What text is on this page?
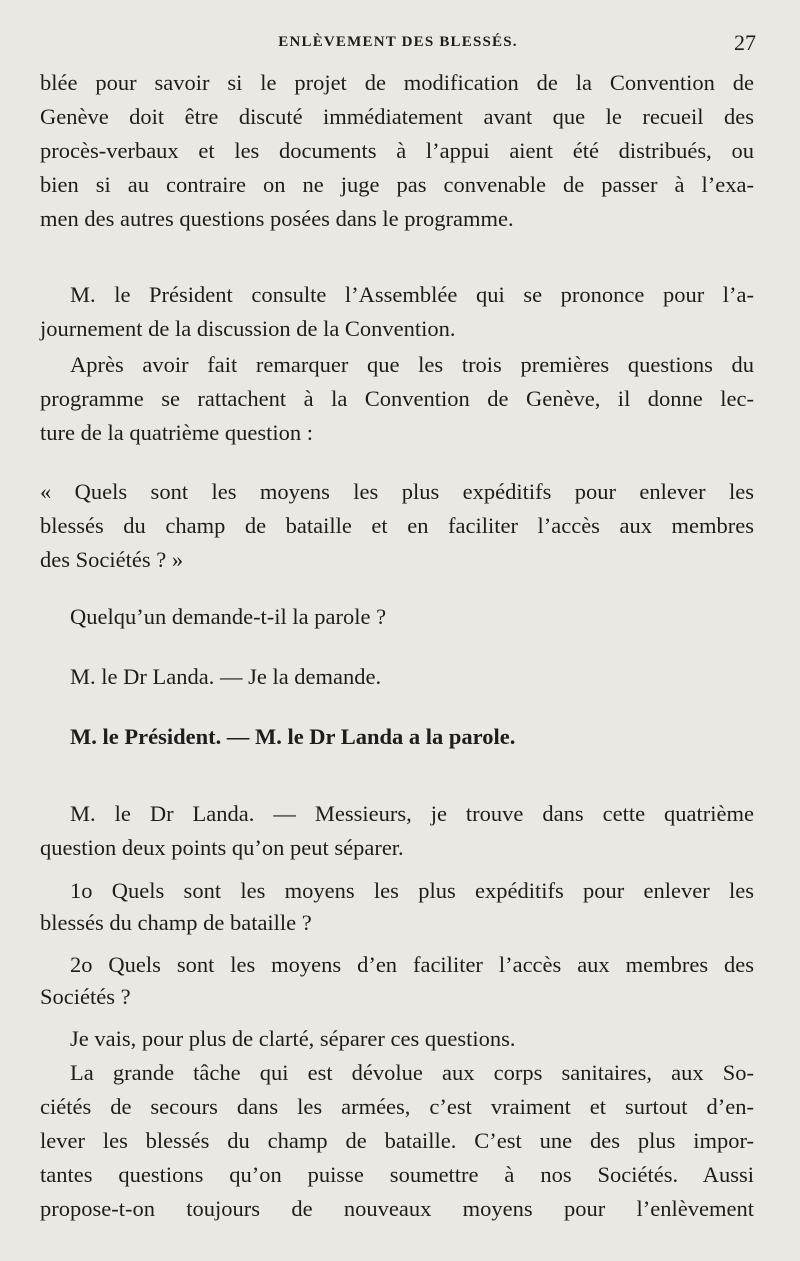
ENLÈVEMENT DES BLESSÉS.	27
blée pour savoir si le projet de modification de la Convention de
Genève doit être discuté immédiatement avant que le recueil des
procès-verbaux et les documents à l’appui aient été distribués, ou
bien si au contraire on ne juge pas convenable de passer à l’exa-
men des autres questions posées dans le programme.
M. le Président consulte l’Assemblée qui se prononce pour l’a-
journement de la discussion de la Convention.
Après avoir fait remarquer que les trois premières questions du
programme se rattachent à la Convention de Genève, il donne lec-
ture de la quatrième question :
« Quels sont les moyens les plus expéditifs pour enlever les
blessés du champ de bataille et en faciliter l’accès aux membres
des Sociétés ? »
Quelqu’un demande-t-il la parole ?
M. le Dr Landa. — Je la demande.
M. le Président. — M. le Dr Landa a la parole.
M. le Dr Landa. — Messieurs, je trouve dans cette quatrième
question deux points qu’on peut séparer.
1o Quels sont les moyens les plus expéditifs pour enlever les
blessés du champ de bataille ?
2o Quels sont les moyens d’en faciliter l’accès aux membres des
Sociétés ?
Je vais, pour plus de clarté, séparer ces questions.
La grande tâche qui est dévolue aux corps sanitaires, aux So-
ciétés de secours dans les armées, c’est vraiment et surtout d’en-
lever les blessés du champ de bataille. C’est une des plus impor-
tantes questions qu’on puisse soumettre à nos Sociétés. Aussi
propose-t-on toujours de nouveaux moyens pour l’enlèvement
